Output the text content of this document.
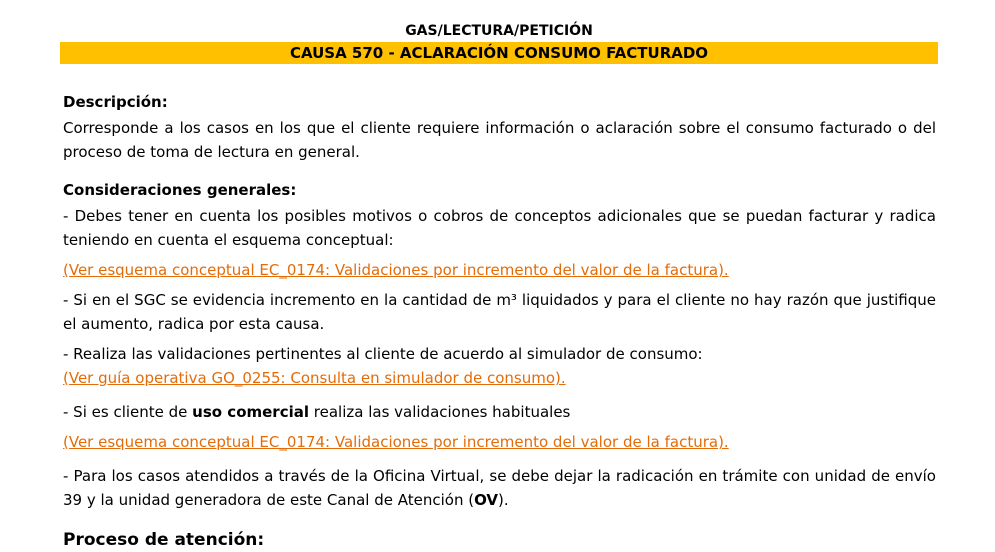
GAS/LECTURA/PETICIÓN
CAUSA 570 - ACLARACIÓN CONSUMO FACTURADO

Descripción:

Corresponde a los casos en los que el cliente requiere información o aclaración sobre el consumo facturado o del proceso de toma de lectura en general.

Consideraciones generales:

- Debes tener en cuenta los posibles motivos o cobros de conceptos adicionales que se puedan facturar y radica teniendo en cuenta el esquema conceptual:

(Ver esquema conceptual EC_0174: Validaciones por incremento del valor de la factura).

- Si en el SGC se evidencia incremento en la cantidad de m³ liquidados y para el cliente no hay razón que justifique el aumento, radica por esta causa.

- Realiza las validaciones pertinentes al cliente de acuerdo al simulador de consumo:

(Ver guía operativa GO_0255: Consulta en simulador de consumo).

- Si es cliente de uso comercial realiza las validaciones habituales

(Ver esquema conceptual EC_0174: Validaciones por incremento del valor de la factura).

- Para los casos atendidos a través de la Oficina Virtual, se debe dejar la radicación en trámite con unidad de envío 39 y la unidad generadora de este Canal de Atención (OV).

Proceso de atención:
